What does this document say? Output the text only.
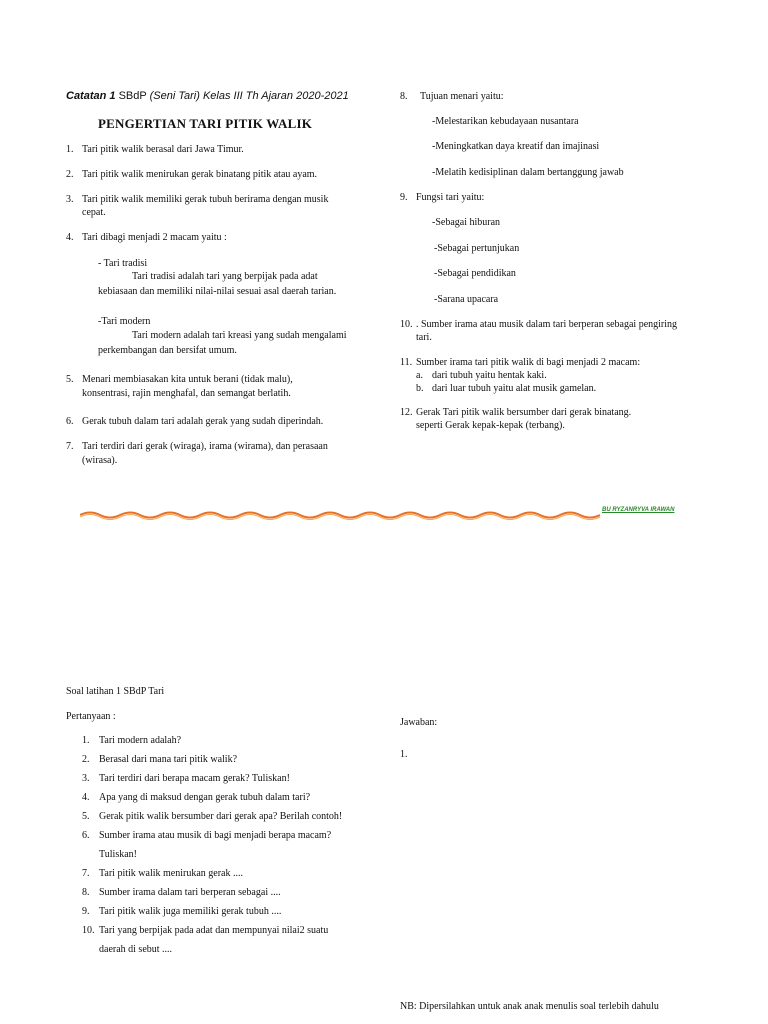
Catatan 1 SBdP (Seni Tari) Kelas III Th Ajaran 2020-2021
PENGERTIAN TARI PITIK WALIK
1. Tari pitik walik berasal dari Jawa Timur.
2. Tari pitik walik menirukan gerak binatang pitik atau ayam.
3. Tari pitik walik memiliki gerak tubuh berirama dengan musik
cepat.
4. Tari dibagi menjadi 2 macam yaitu :
- Tari tradisi
Tari tradisi adalah tari yang berpijak pada adat
kebiasaan dan memiliki nilai-nilai sesuai asal daerah tarian.
-Tari modern
Tari modern adalah tari kreasi yang sudah mengalami
perkembangan dan bersifat umum.
5. Menari membiasakan kita untuk berani (tidak malu),
konsentrasi, rajin menghafal, dan semangat berlatih.
6. Gerak tubuh dalam tari adalah gerak yang sudah diperindah.
7. Tari terdiri dari gerak (wiraga), irama (wirama), dan perasaan
(wirasa).
8. Tujuan menari yaitu:
-Melestarikan kebudayaan nusantara
-Meningkatkan daya kreatif dan imajinasi
-Melatih kedisiplinan dalam bertanggung jawab
9. Fungsi tari yaitu:
-Sebagai hiburan
-Sebagai pertunjukan
-Sebagai pendidikan
-Sarana upacara
10. . Sumber irama atau musik dalam tari berperan sebagai pengiring
tari.
11. Sumber irama tari pitik walik di bagi menjadi 2 macam:
a. dari tubuh yaitu hentak kaki.
b. dari luar tubuh yaitu alat musik gamelan.
12. Gerak Tari pitik walik bersumber dari gerak binatang.
seperti Gerak kepak-kepak (terbang).
BU RYZANRYVA IRAWAN
Soal latihan 1 SBdP Tari
Pertanyaan :
Jawaban:
1.
1. Tari modern adalah?
2. Berasal dari mana tari pitik walik?
3. Tari terdiri dari berapa macam gerak? Tuliskan!
4. Apa yang di maksud dengan gerak tubuh dalam tari?
5. Gerak pitik walik bersumber dari gerak apa? Berilah contoh!
6. Sumber irama atau musik di bagi menjadi berapa macam?
Tuliskan!
7. Tari pitik walik menirukan gerak ....
8. Sumber irama dalam tari berperan sebagai ....
9. Tari pitik walik juga memiliki gerak tubuh ....
10. Tari yang berpijak pada adat dan mempunyai nilai2 suatu
daerah di sebut ....
NB: Dipersilahkan untuk anak anak menulis soal terlebih dahulu
